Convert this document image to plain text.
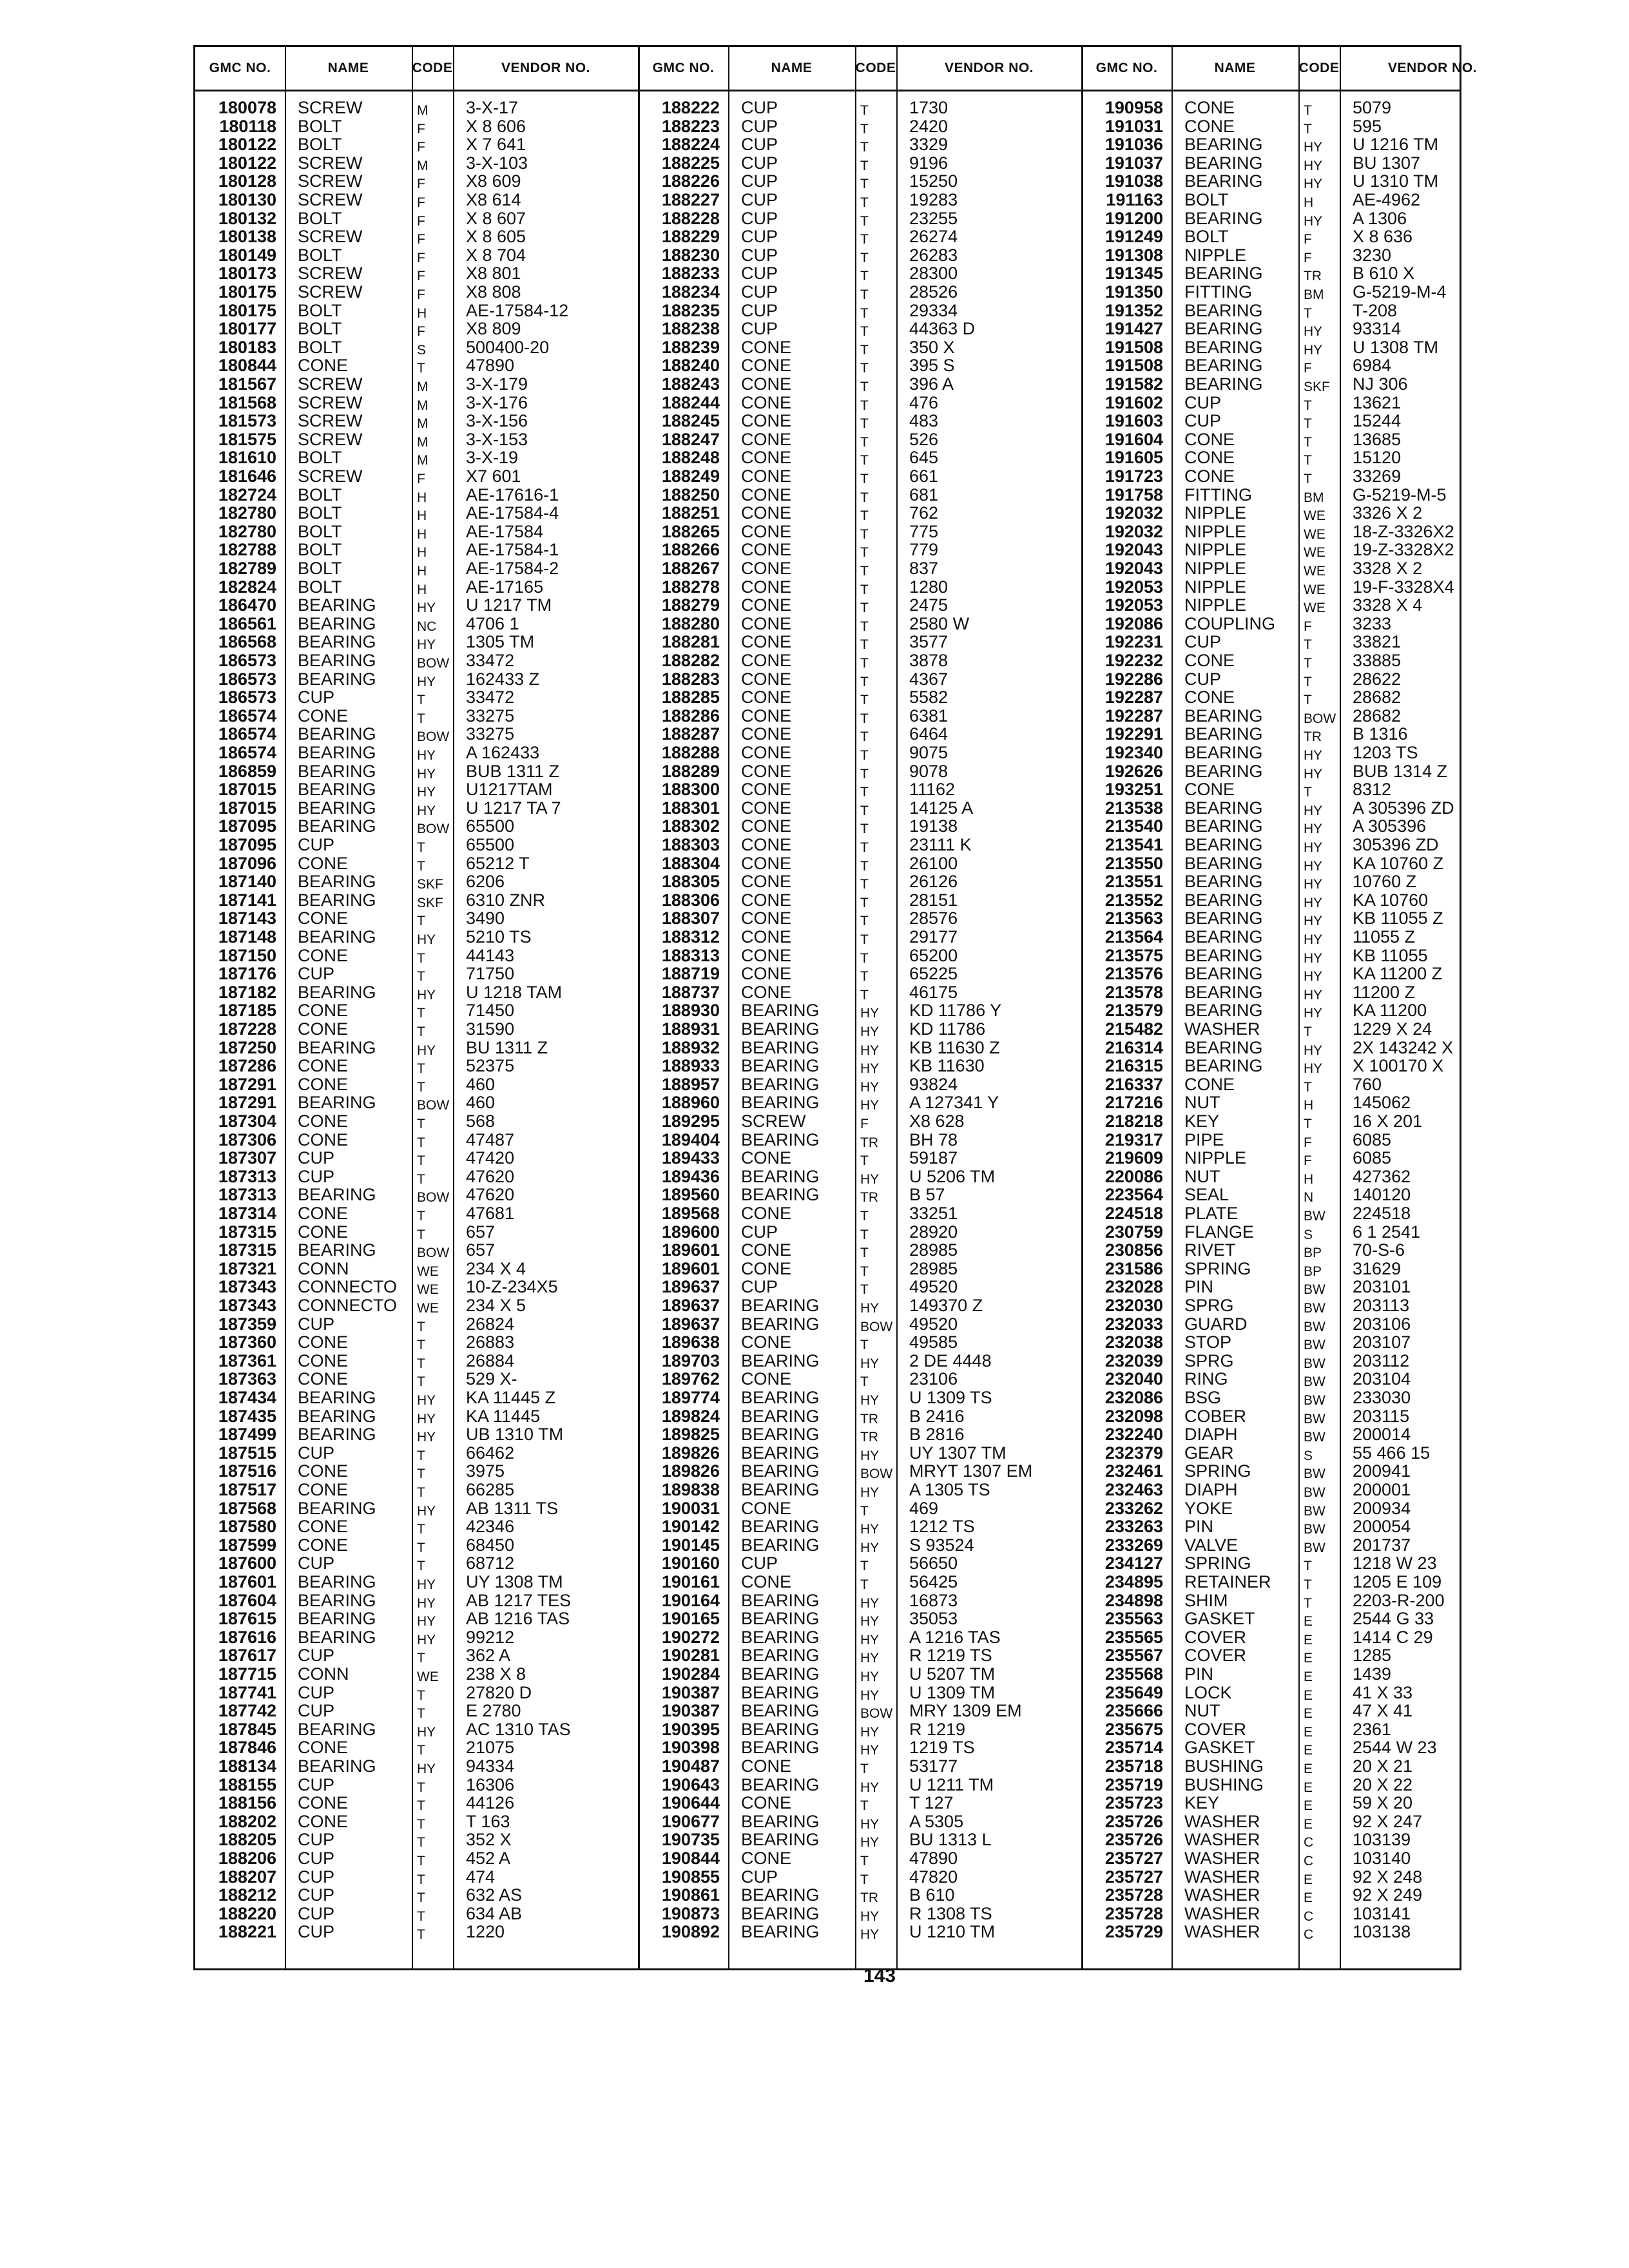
GMC NO.	NAME	CODE	VENDOR NO.	GMC NO.	NAME	CODE	VENDOR NO.	GMC NO.	NAME	CODE	VENDOR NO.
180078 SCREW	M 3-X-17
180118 BOLT	F X 8 606
180122 BOLT	F X 7 641
180122 SCREW	M 3-X-103
180128 SCREW	F X8 609
180130 SCREW	F X8 614
180132 BOLT	F X 8 607
180138 SCREW	F X 8 605
180149 BOLT	F X 8 704
180173 SCREW	F X8 801
180175 SCREW	F X8 808
180175 BOLT	H AE-17584-12
180177 BOLT	F X8 809
180183 BOLT	S 500400-20
180844 CONE	T 47890
181567 SCREW	M 3-X-179
181568 SCREW	M 3-X-176
181573 SCREW	M 3-X-156
181575 SCREW	M 3-X-153
181610 BOLT	M 3-X-19
181646 SCREW	F X7 601
182724 BOLT	H AE-17616-1
182780 BOLT	H AE-17584-4
182780 BOLT	H AE-17584
182788 BOLT	H AE-17584-1
182789 BOLT	H AE-17584-2
182824 BOLT	H AE-17165
186470 BEARING	HY U 1217 TM
186561 BEARING	NC 4706 1
186568 BEARING	HY 1305 TM
186573 BEARING	BOW 33472
186573 BEARING	HY 162433 Z
186573 CUP	T 33472
186574 CONE	T 33275
186574 BEARING	BOW 33275
186574 BEARING	HY A 162433
186859 BEARING	HY BUB 1311 Z
187015 BEARING	HY U1217TAM
187015 BEARING	HY U 1217 TA 7
187095 BEARING	BOW 65500
187095 CUP	T 65500
187096 CONE	T 65212 T
187140 BEARING	SKF 6206
187141 BEARING	SKF 6310 ZNR
187143 CONE	T 3490
187148 BEARING	HY 5210 TS
187150 CONE	T 44143
187176 CUP	T 71750
187182 BEARING	HY U 1218 TAM
187185 CONE	T 71450
187228 CONE	T 31590
187250 BEARING	HY BU 1311 Z
187286 CONE	T 52375
187291 CONE	T 460
187291 BEARING	BOW 460
187304 CONE	T 568
187306 CONE	T 47487
187307 CUP	T 47420
187313 CUP	T 47620
187313 BEARING	BOW 47620
187314 CONE	T 47681
187315 CONE	T 657
187315 BEARING	BOW 657
187321 CONN	WE 234 X 4
187343 CONNECTO WE 10-Z-234X5
187343 CONNECTO WE 234 X 5
187359 CUP	T 26824
187360 CONE	T 26883
187361 CONE	T 26884
187363 CONE	T 529 X-
187434 BEARING	HY KA 11445 Z
187435 BEARING	HY KA 11445
187499 BEARING	HY UB 1310 TM
187515 CUP	T 66462
187516 CONE	T 3975
187517 CONE	T 66285
187568 BEARING	HY AB 1311 TS
187580 CONE	T 42346
187599 CONE	T 68450
187600 CUP	T 68712
187601 BEARING	HY UY 1308 TM
187604 BEARING	HY AB 1217 TES
187615 BEARING	HY AB 1216 TAS
187616 BEARING	HY 99212
187617 CUP	T 362 A
187715 CONN	WE 238 X 8
187741 CUP	T 27820 D
187742 CUP	T E 2780
187845 BEARING	HY AC 1310 TAS
187846 CONE	T 21075
188134 BEARING	HY 94334
188155 CUP	T 16306
188156 CONE	T 44126
188202 CONE	T T 163
188205 CUP	T 352 X
188206 CUP	T 452 A
188207 CUP	T 474
188212 CUP	T 632 AS
188220 CUP	T 634 AB
188221 CUP	T 1220
188222 CUP	T 1730
188223 CUP	T 2420
188224 CUP	T 3329
188225 CUP	T 9196
188226 CUP	T 15250
188227 CUP	T 19283
188228 CUP	T 23255
188229 CUP	T 26274
188230 CUP	T 26283
188233 CUP	T 28300
188234 CUP	T 28526
188235 CUP	T 29334
188238 CUP	T 44363 D
188239 CONE	T 350 X
188240 CONE	T 395 S
188243 CONE	T 396 A
188244 CONE	T 476
188245 CONE	T 483
188247 CONE	T 526
188248 CONE	T 645
188249 CONE	T 661
188250 CONE	T 681
188251 CONE	T 762
188265 CONE	T 775
188266 CONE	T 779
188267 CONE	T 837
188278 CONE	T 1280
188279 CONE	T 2475
188280 CONE	T 2580 W
188281 CONE	T 3577
188282 CONE	T 3878
188283 CONE	T 4367
188285 CONE	T 5582
188286 CONE	T 6381
188287 CONE	T 6464
188288 CONE	T 9075
188289 CONE	T 9078
188300 CONE	T 11162
188301 CONE	T 14125 A
188302 CONE	T 19138
188303 CONE	T 23111 K
188304 CONE	T 26100
188305 CONE	T 26126
188306 CONE	T 28151
188307 CONE	T 28576
188312 CONE	T 29177
188313 CONE	T 65200
188719 CONE	T 65225
188737 CONE	T 46175
188930 BEARING	HY KD 11786 Y
188931 BEARING	HY KD 11786
188932 BEARING	HY KB 11630 Z
188933 BEARING	HY KB 11630
188957 BEARING	HY 93824
188960 BEARING	HY A 127341 Y
189295 SCREW	F X8 628
189404 BEARING	TR BH 78
189433 CONE	T 59187
189436 BEARING	HY U 5206 TM
189560 BEARING	TR B 57
189568 CONE	T 33251
189600 CUP	T 28920
189601 CONE	T 28985
189601 CONE	T 28985
189637 CUP	T 49520
189637 BEARING	HY 149370 Z
189637 BEARING	BOW 49520
189638 CONE	T 49585
189703 BEARING	HY 2 DE 4448
189762 CONE	T 23106
189774 BEARING	HY U 1309 TS
189824 BEARING	TR B 2416
189825 BEARING	TR B 2816
189826 BEARING	HY UY 1307 TM
189826 BEARING	BOW MRYT 1307 EM
189838 BEARING	HY A 1305 TS
190031 CONE	T 469
190142 BEARING	HY 1212 TS
190145 BEARING	HY S 93524
190160 CUP	T 56650
190161 CONE	T 56425
190164 BEARING	HY 16873
190165 BEARING	HY 35053
190272 BEARING	HY A 1216 TAS
190281 BEARING	HY R 1219 TS
190284 BEARING	HY U 5207 TM
190387 BEARING	HY U 1309 TM
190387 BEARING	BOW MRY 1309 EM
190395 BEARING	HY R 1219
190398 BEARING	HY 1219 TS
190487 CONE	T 53177
190643 BEARING	HY U 1211 TM
190644 CONE	T T 127
190677 BEARING	HY A 5305
190735 BEARING	HY BU 1313 L
190844 CONE	T 47890
190855 CUP	T 47820
190861 BEARING	TR B 610
190873 BEARING	HY R 1308 TS
190892 BEARING	HY U 1210 TM
190958 CONE	T 5079
191031 CONE	T 595
191036 BEARING	HY U 1216 TM
191037 BEARING	HY BU 1307
191038 BEARING	HY U 1310 TM
191163 BOLT	H AE-4962
191200 BEARING	HY A 1306
191249 BOLT	F X 8 636
191308 NIPPLE	F 3230
191345 BEARING	TR B 610 X
191350 FITTING	BM G-5219-M-4
191352 BEARING	T T-208
191427 BEARING	HY 93314
191508 BEARING	HY U 1308 TM
191508 BEARING	F 6984
191582 BEARING	SKF NJ 306
191602 CUP	T 13621
191603 CUP	T 15244
191604 CONE	T 13685
191605 CONE	T 15120
191723 CONE	T 33269
191758 FITTING	BM G-5219-M-5
192032 NIPPLE	WE 3326 X 2
192032 NIPPLE	WE 18-Z-3326X2
192043 NIPPLE	WE 19-Z-3328X2
192043 NIPPLE	WE 3328 X 2
192053 NIPPLE	WE 19-F-3328X4
192053 NIPPLE	WE 3328 X 4
192086 COUPLING F 3233
192231 CUP	T 33821
192232 CONE	T 33885
192286 CUP	T 28622
192287 CONE	T 28682
192287 BEARING	BOW 28682
192291 BEARING	TR B 1316
192340 BEARING	HY 1203 TS
192626 BEARING	HY BUB 1314 Z
193251 CONE	T 8312
213538 BEARING	HY A 305396 ZD
213540 BEARING	HY A 305396
213541 BEARING	HY 305396 ZD
213550 BEARING	HY KA 10760 Z
213551 BEARING	HY 10760 Z
213552 BEARING	HY KA 10760
213563 BEARING	HY KB 11055 Z
213564 BEARING	HY 11055 Z
213575 BEARING	HY KB 11055
213576 BEARING	HY KA 11200 Z
213578 BEARING	HY 11200 Z
213579 BEARING	HY KA 11200
215482 WASHER	T 1229 X 24
216314 BEARING	HY 2X 143242 X
216315 BEARING	HY X 100170 X
216337 CONE	T 760
217216 NUT	H 145062
218218 KEY	T 16 X 201
219317 PIPE	F 6085
219609 NIPPLE	F 6085
220086 NUT	H 427362
223564 SEAL	N 140120
224518 PLATE	BW 224518
230759 FLANGE	S 6 1 2541
230856 RIVET	BP 70-S-6
231586 SPRING	BP 31629
232028 PIN	BW 203101
232030 SPRG	BW 203113
232033 GUARD	BW 203106
232038 STOP	BW 203107
232039 SPRG	BW 203112
232040 RING	BW 203104
232086 BSG	BW 233030
232098 COBER	BW 203115
232240 DIAPH	BW 200014
232379 GEAR	S 55 466 15
232461 SPRING	BW 200941
232463 DIAPH	BW 200001
233262 YOKE	BW 200934
233263 PIN	BW 200054
233269 VALVE	BW 201737
234127 SPRING	T 1218 W 23
234895 RETAINER T 1205 E 109
234898 SHIM	T 2203-R-200
235563 GASKET	E 2544 G 33
235565 COVER	E 1414 C 29
235567 COVER	E 1285
235568 PIN	E 1439
235649 LOCK	E 41 X 33
235666 NUT	E 47 X 41
235675 COVER	E 2361
235714 GASKET	E 2544 W 23
235718 BUSHING	E 20 X 21
235719 BUSHING	E 20 X 22
235723 KEY	E 59 X 20
235726 WASHER	E 92 X 247
235726 WASHER	C 103139
235727 WASHER	C 103140
235727 WASHER	E 92 X 248
235728 WASHER	E 92 X 249
235728 WASHER	C 103141
235729 WASHER	C 103138
143
